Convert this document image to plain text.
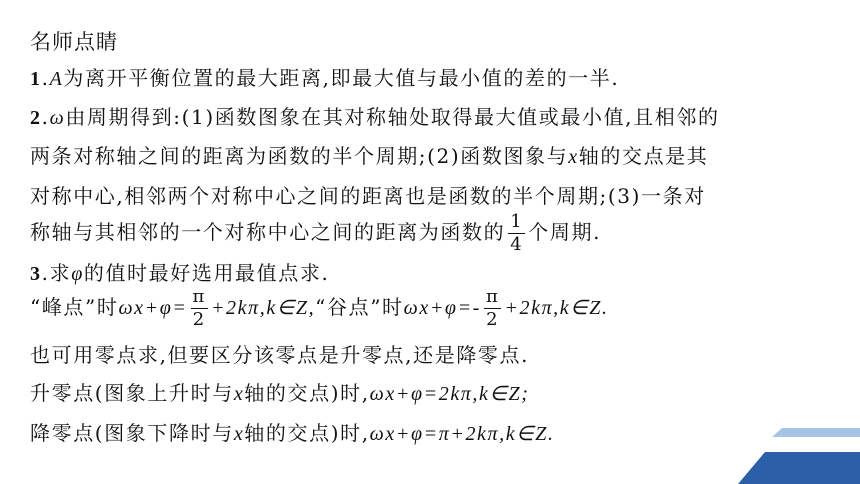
名师点睛
1.A为离开平衡位置的最大距离,即最大值与最小值的差的一半.
2.ω由周期得到:(1)函数图象在其对称轴处取得最大值或最小值,且相邻的
两条对称轴之间的距离为函数的半个周期;(2)函数图象与x轴的交点是其
对称中心,相邻两个对称中心之间的距离也是函数的半个周期;(3)一条对
称轴与其相邻的一个对称中心之间的距离为函数的 $\frac{1}{4}$ 个周期.
3.求φ的值时最好选用最值点求.
“峰点”时$\omega x+\varphi= \frac{\pi}{2}$ +2kπ,k∈Z,“谷点”时$\omega x+\varphi=- \frac{\pi}{2}$ +2kπ,k∈Z.
也可用零点求,但要区分该零点是升零点,还是降零点.
升零点(图象上升时与x轴的交点)时,ωx+φ=2kπ,k∈Z;
降零点(图象下降时与x轴的交点)时,ωx+φ=π+2kπ,k∈Z.
